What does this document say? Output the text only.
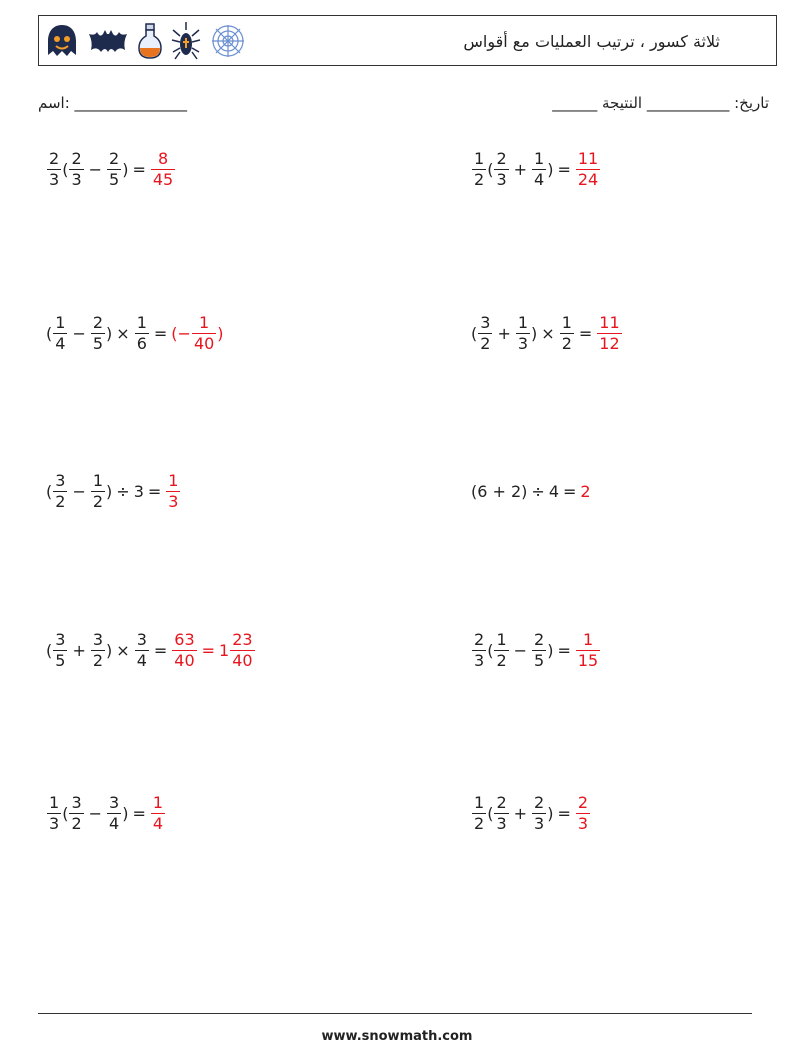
ثلاثة كسور ، ترتيب العمليات مع أقواس
اسم: _______________	تاريخ: ___________ النتيجة ______
$\frac{2}{3}$ ( $\frac{2}{3} - \frac{2}{5}$ ) = $\frac{8}{45}$	$\frac{1}{2}$ ( $\frac{2}{3} + \frac{1}{4}$ ) = $\frac{11}{24}$
( $\frac{1}{4} - \frac{2}{5}$ ) × $\frac{1}{6}$ = (− $\frac{1}{40}$ )	( $\frac{3}{2} + \frac{1}{3}$ ) × $\frac{1}{2} = \frac{11}{12}$
( $\frac{3}{2} - \frac{1}{2}$ ) ÷ $3 = \frac{1}{3}$	(6 + 2) ÷ 4 = 2
( $\frac{3}{5} + \frac{3}{2}$ ) × $\frac{3}{4} = \frac{63}{40} = 1 \frac{23}{40}$	$\frac{2}{3}$ ( $\frac{1}{2} - \frac{2}{5}$ ) = $\frac{1}{15}$
$\frac{1}{3}$ ( $\frac{3}{2} - \frac{3}{4}$ ) = $\frac{1}{4}$	$\frac{1}{2}$ ( $\frac{2}{3} + \frac{2}{3}$ ) = $\frac{2}{3}$
www.snowmath.com
